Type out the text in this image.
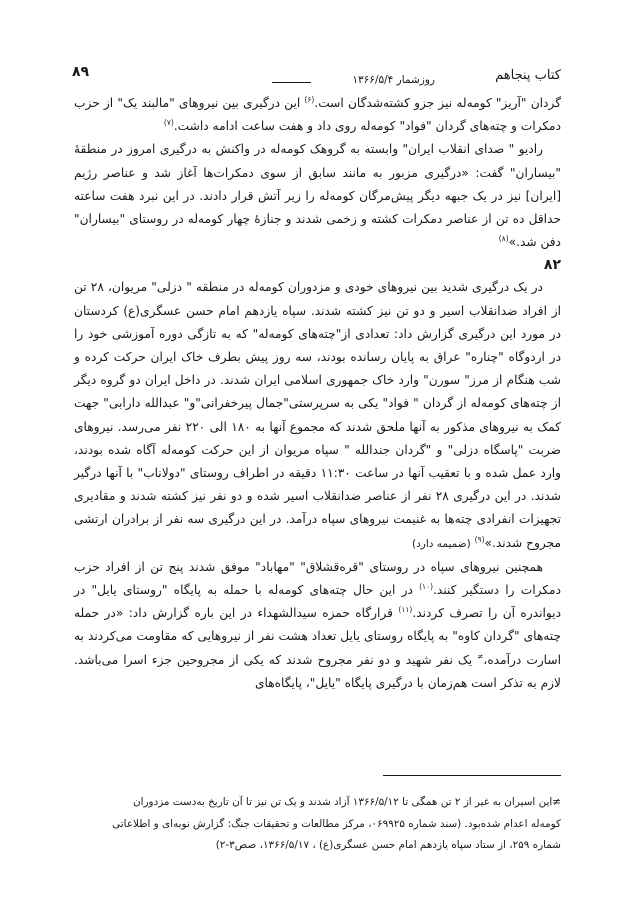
کتاب پنجاهم
روزشمار ۱۳۶۶/۵/۴
۸۹

گردان "آریز" کومه‌له نیز جزو کشته‌شدگان است.$^{(۶)}$ این درگیری بین نیروهای "مالبند یک" از حزب دمکرات و چته‌های گردان "فواد" کومه‌له روی داد و هفت ساعت ادامه داشت.$^{(۷)}$

رادیو " صدای انقلاب ایران" وابسته به گروهک کومه‌له در واکنش به درگیری امروز در منطقهٔ "بیساران" گفت: «درگیری مزبور به مانند سابق از سوی دمکرات‌ها آغاز شد و عناصر رژیم [ایران] نیز در یک جبهه دیگر پیش‌مرگان کومه‌له را زیر آتش قرار دادند. در این نبرد هفت ساعته حداقل ده تن از عناصر دمکرات کشته و زخمی شدند و جنازهٔ چهار کومه‌له در روستای "بیساران" دفن شد.»$^{(۸)}$

۸۲

در یک درگیری شدید بین نیروهای خودی و مزدوران کومه‌له در منطقه " دزلی" مریوان، ۲۸ تن از افراد ضدانقلاب اسیر و دو تن نیز کشته شدند. سپاه یازدهم امام حسن عسگری(ع) کردستان در مورد این درگیری گزارش داد: تعدادی از"چته‌های کومه‌له" که به تازگی دوره آموزشی خود را در اردوگاه "چناره" عراق به پایان رسانده بودند، سه روز پیش بطرف خاک ایران حرکت کرده و شب هنگام از مرز" سورن" وارد خاک جمهوری اسلامی ایران شدند. در داخل ایران دو گروه دیگر از چته‌های کومه‌له از گردان " فواد" یکی به سرپرستی"جمال پیرخفرانی"و" عبدالله دارابی" جهت کمک به نیروهای مذکور به آنها ملحق شدند که مجموع آنها به ۱۸۰ الی ۲۲۰ نفر می‌رسد. نیروهای ضربت "پاسگاه دزلی" و "گردان جندالله " سپاه مریوان از این حرکت کومه‌له آگاه شده بودند، وارد عمل شده و با تعقیب آنها در ساعت ۱۱:۳۰ دقیقه در اطراف روستای "دولاناب" با آنها درگیر شدند. در این درگیری ۲۸ نفر از عناصر ضدانقلاب اسیر شده و دو نفر نیز کشته شدند و مقادیری تجهیزات انفرادی چته‌ها به غنیمت نیروهای سپاه درآمد. در این درگیری سه نفر از برادران ارتشی مجروح شدند.»$^{(۹)}$ (ضمیمه دارد)

همچنین نیروهای سپاه در روستای "قره‌قشلاق" "مهاباد" موفق شدند پنج تن از افراد حزب دمکرات را دستگیر کنند.$^{(۱۰)}$ در این حال چته‌های کومه‌له با حمله به پایگاه "روستای یایل" در دیواندره آن را تصرف کردند.$^{(۱۱)}$ قرارگاه حمزه سیدالشهداء در این باره گزارش داد: «در حمله چته‌های "گردان کاوه" به پایگاه روستای یایل تعداد هشت نفر از نیروهایی که مقاومت می‌کردند به اسارت درآمده،≠ یک نفر شهید و دو نفر مجروح شدند که یکی از مجروحین جزء اسرا می‌باشد. لازم به تذکر است هم‌زمان با درگیری پایگاه "یایل"، پایگاه‌های

≠این اسیران به غیر از ۲ تن همگی تا ۱۳۶۶/۵/۱۲ آزاد شدند و یک تن نیز تا آن تاریخ به‌دست مزدوران
کومه‌له اعدام شده‌بود. (سند شماره ۰۶۹۹۲۵، مرکز مطالعات و تحقیقات جنگ: گزارش نوبه‌ای و اطلاعاتی
شماره ۲۵۹، از ستاد سپاه یازدهم امام حسن عسگری(ع) ، ۱۳۶۶/۵/۱۷، صص۳-۲)
